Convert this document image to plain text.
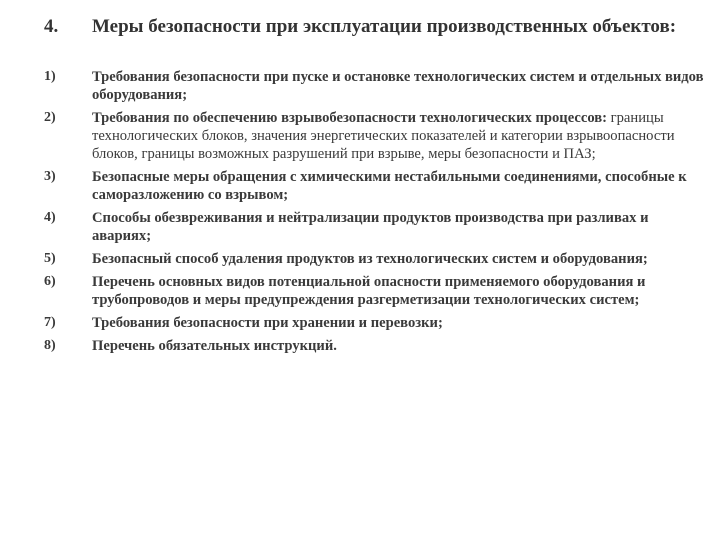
4.	Меры безопасности при эксплуатации производственных объектов:
1)	Требования безопасности при пуске и остановке технологических систем и отдельных видов оборудования;
2)	Требования по обеспечению взрывобезопасности технологических процессов: границы технологических блоков, значения энергетических показателей и категории взрывоопасности блоков, границы возможных разрушений при взрыве, меры безопасности и ПАЗ;
3)	Безопасные меры обращения с химическими нестабильными соединениями, способные к саморазложению со взрывом;
4)	Способы обезвреживания и нейтрализации продуктов производства при разливах и авариях;
5)	Безопасный способ удаления продуктов из технологических систем и оборудования;
6)	Перечень основных видов потенциальной опасности применяемого оборудования и трубопроводов и меры предупреждения разгерметизации технологических систем;
7)	Требования безопасности при хранении и перевозки;
8)	Перечень обязательных инструкций.
